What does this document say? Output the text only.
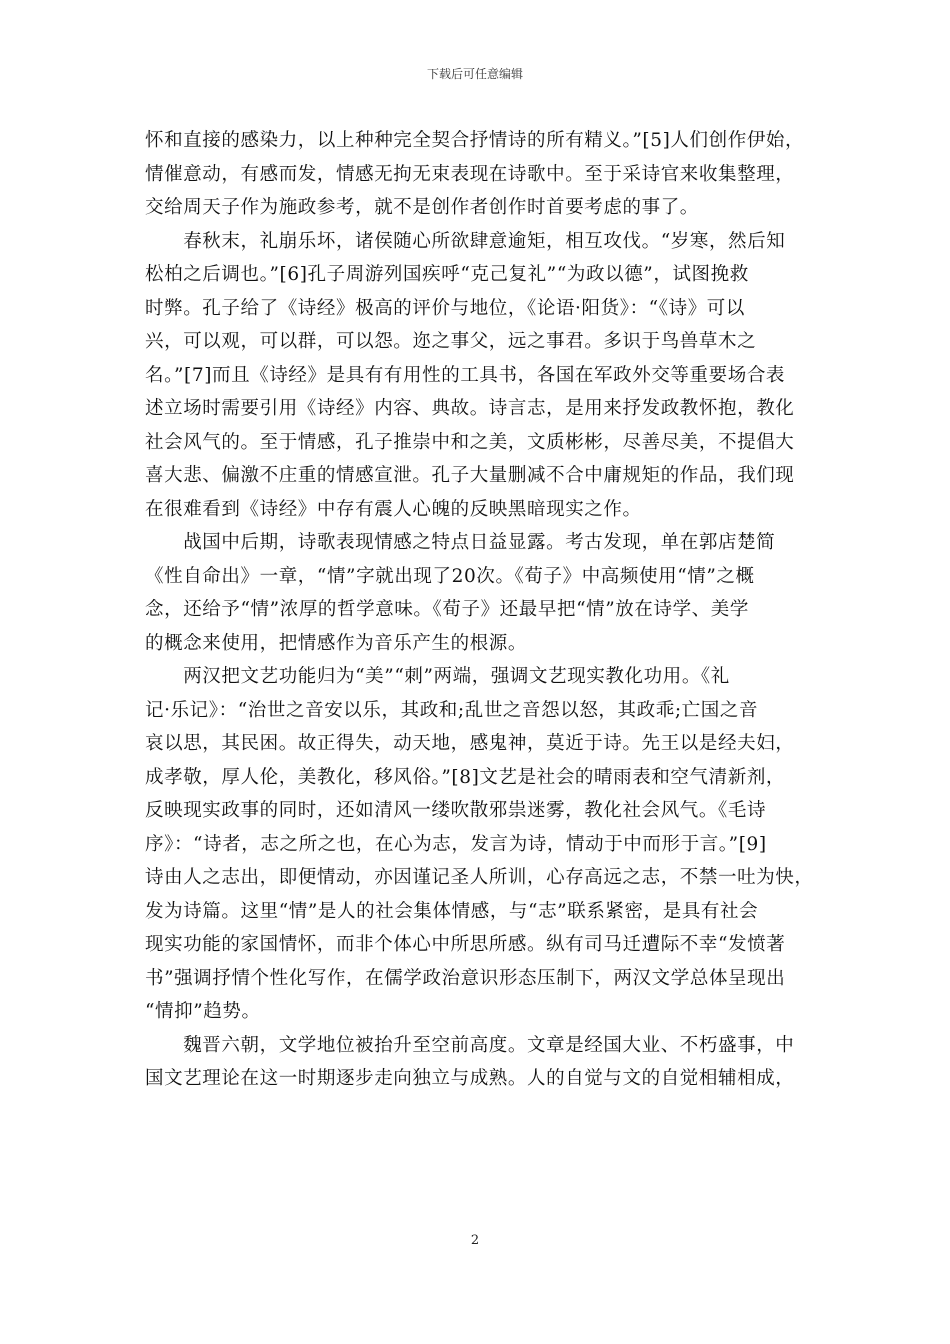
下载后可任意编辑
怀和直接的感染力，以上种种完全契合抒情诗的所有精义。”[5]人们创作伊始，
情催意动，有感而发，情感无拘无束表现在诗歌中。至于采诗官来收集整理，
交给周天子作为施政参考，就不是创作者创作时首要考虑的事了。
　　春秋末，礼崩乐坏，诸侯随心所欲肆意逾矩，相互攻伐。“岁寒，然后知
松柏之后调也。”[6]孔子周游列国疾呼“克己复礼”“为政以德”，试图挽救
时弊。孔子给了《诗经》极高的评价与地位，《论语·阳货》：“《诗》可以
兴，可以观，可以群，可以怨。迩之事父，远之事君。多识于鸟兽草木之
名。”[7]而且《诗经》是具有有用性的工具书，各国在军政外交等重要场合表
述立场时需要引用《诗经》内容、典故。诗言志，是用来抒发政教怀抱，教化
社会风气的。至于情感，孔子推崇中和之美，文质彬彬，尽善尽美，不提倡大
喜大悲、偏激不庄重的情感宣泄。孔子大量删减不合中庸规矩的作品，我们现
在很难看到《诗经》中存有震人心魄的反映黑暗现实之作。
　　战国中后期，诗歌表现情感之特点日益显露。考古发现，单在郭店楚简
《性自命出》一章，“情”字就出现了20次。《荀子》中高频使用“情”之概
念，还给予“情”浓厚的哲学意味。《荀子》还最早把“情”放在诗学、美学
的概念来使用，把情感作为音乐产生的根源。
　　两汉把文艺功能归为“美”“刺”两端，强调文艺现实教化功用。《礼
记·乐记》：“治世之音安以乐，其政和;乱世之音怨以怒，其政乖;亡国之音
哀以思，其民困。故正得失，动天地，感鬼神，莫近于诗。先王以是经夫妇，
成孝敬，厚人伦，美教化，移风俗。”[8]文艺是社会的晴雨表和空气清新剂，
反映现实政事的同时，还如清风一缕吹散邪祟迷雾，教化社会风气。《毛诗
序》：“诗者，志之所之也，在心为志，发言为诗，情动于中而形于言。”[9]
诗由人之志出，即便情动，亦因谨记圣人所训，心存高远之志，不禁一吐为快，
发为诗篇。这里“情”是人的社会集体情感，与“志”联系紧密，是具有社会
现实功能的家国情怀，而非个体心中所思所感。纵有司马迁遭际不幸“发愤著
书”强调抒情个性化写作，在儒学政治意识形态压制下，两汉文学总体呈现出
“情抑”趋势。
　　魏晋六朝，文学地位被抬升至空前高度。文章是经国大业、不朽盛事，中
国文艺理论在这一时期逐步走向独立与成熟。人的自觉与文的自觉相辅相成，
2
